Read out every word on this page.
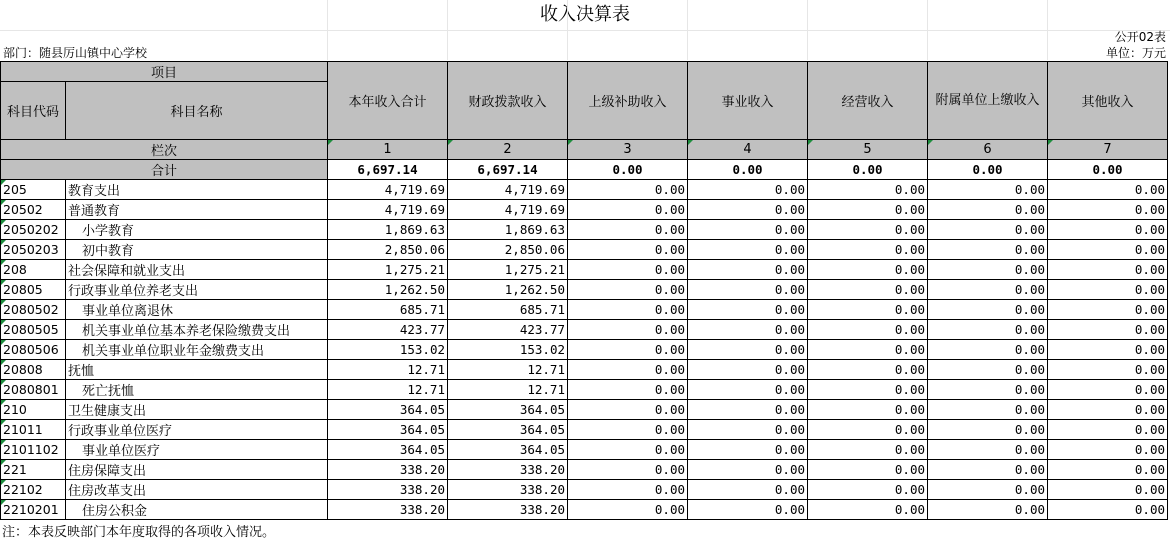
收入决算表
公开02表
部门：随县厉山镇中心学校	单位：万元
项目		本年收入合计	财政拨款收入	上级补助收入	事业收入	经营收入	附属单位上缴收入	其他收入
科目代码	科目名称							

栏次		1	2	3	4	5	6	7
合计		6,697.14	6,697.14	0.00	0.00	0.00	0.00	0.00
205	教育支出	4,719.69	4,719.69	0.00	0.00	0.00	0.00	0.00
20502	普通教育	4,719.69	4,719.69	0.00	0.00	0.00	0.00	0.00
2050202	小学教育	1,869.63	1,869.63	0.00	0.00	0.00	0.00	0.00
2050203	初中教育	2,850.06	2,850.06	0.00	0.00	0.00	0.00	0.00
208	社会保障和就业支出	1,275.21	1,275.21	0.00	0.00	0.00	0.00	0.00
20805	行政事业单位养老支出	1,262.50	1,262.50	0.00	0.00	0.00	0.00	0.00
2080502	事业单位离退休	685.71	685.71	0.00	0.00	0.00	0.00	0.00
2080505	机关事业单位基本养老保险缴费支出	423.77	423.77	0.00	0.00	0.00	0.00	0.00
2080506	机关事业单位职业年金缴费支出	153.02	153.02	0.00	0.00	0.00	0.00	0.00
20808	抚恤	12.71	12.71	0.00	0.00	0.00	0.00	0.00
2080801	死亡抚恤	12.71	12.71	0.00	0.00	0.00	0.00	0.00
210	卫生健康支出	364.05	364.05	0.00	0.00	0.00	0.00	0.00
21011	行政事业单位医疗	364.05	364.05	0.00	0.00	0.00	0.00	0.00
2101102	事业单位医疗	364.05	364.05	0.00	0.00	0.00	0.00	0.00
221	住房保障支出	338.20	338.20	0.00	0.00	0.00	0.00	0.00
22102	住房改革支出	338.20	338.20	0.00	0.00	0.00	0.00	0.00
2210201	住房公积金	338.20	338.20	0.00	0.00	0.00	0.00	0.00
注：本表反映部门本年度取得的各项收入情况。
